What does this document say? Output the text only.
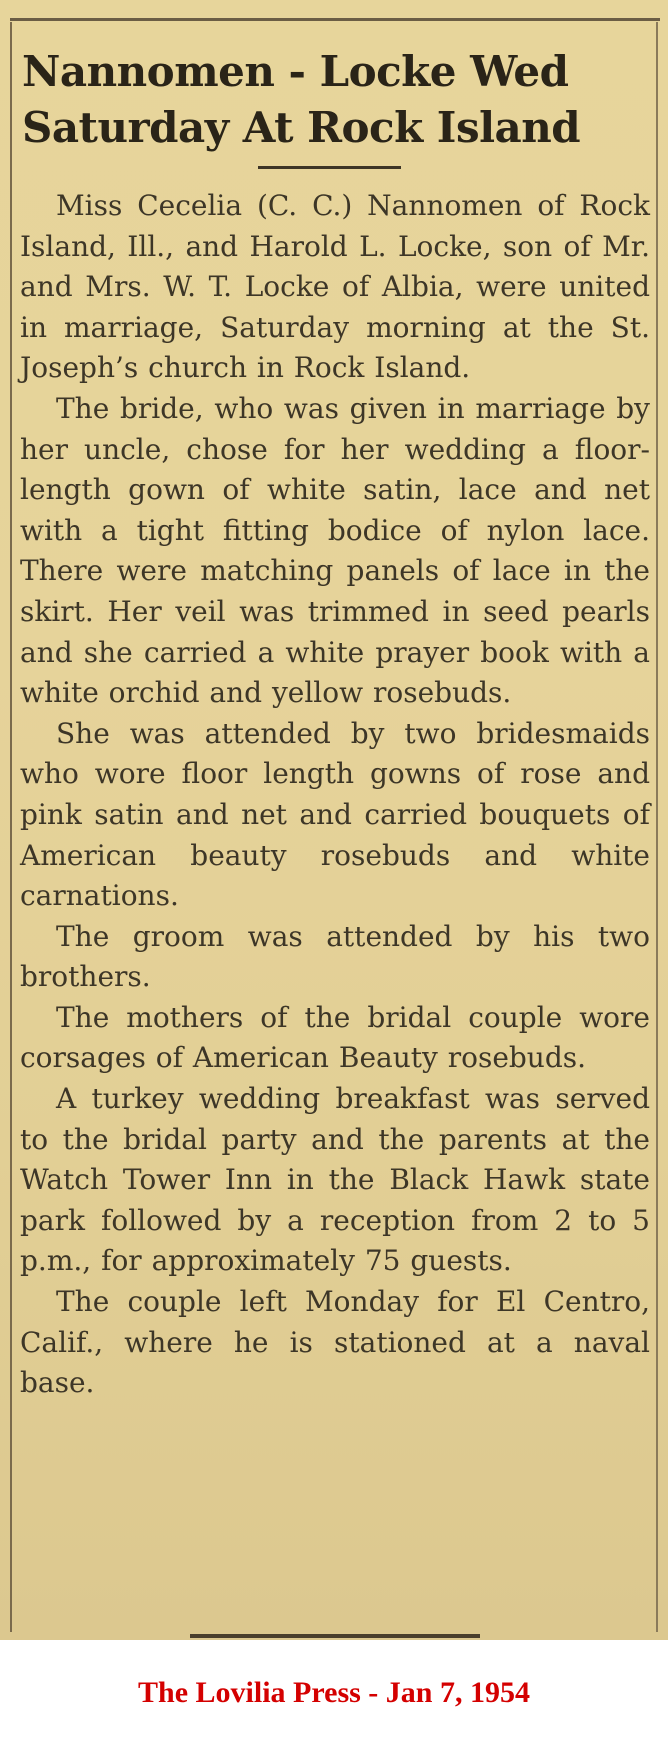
Nannomen - Locke Wed
Saturday At Rock Island

Miss Cecelia (C. C.) Nannomen of Rock Island, Ill., and Harold L. Locke, son of Mr. and Mrs. W. T. Locke of Albia, were united in marriage, Saturday morning at the St. Joseph’s church in Rock Island.

The bride, who was given in marriage by her uncle, chose for her wedding a floor-length gown of white satin, lace and net with a tight fitting bodice of nylon lace. There were matching panels of lace in the skirt. Her veil was trimmed in seed pearls and she carried a white prayer book with a white orchid and yellow rosebuds.

She was attended by two bridesmaids who wore floor length gowns of rose and pink satin and net and carried bouquets of American beauty rosebuds and white carnations.

The groom was attended by his two brothers.

The mothers of the bridal couple wore corsages of American Beauty rosebuds.

A turkey wedding breakfast was served to the bridal party and the parents at the Watch Tower Inn in the Black Hawk state park followed by a reception from 2 to 5 p.m., for approximately 75 guests.

The couple left Monday for El Centro, Calif., where he is stationed at a naval base.

The Lovilia Press - Jan 7, 1954
